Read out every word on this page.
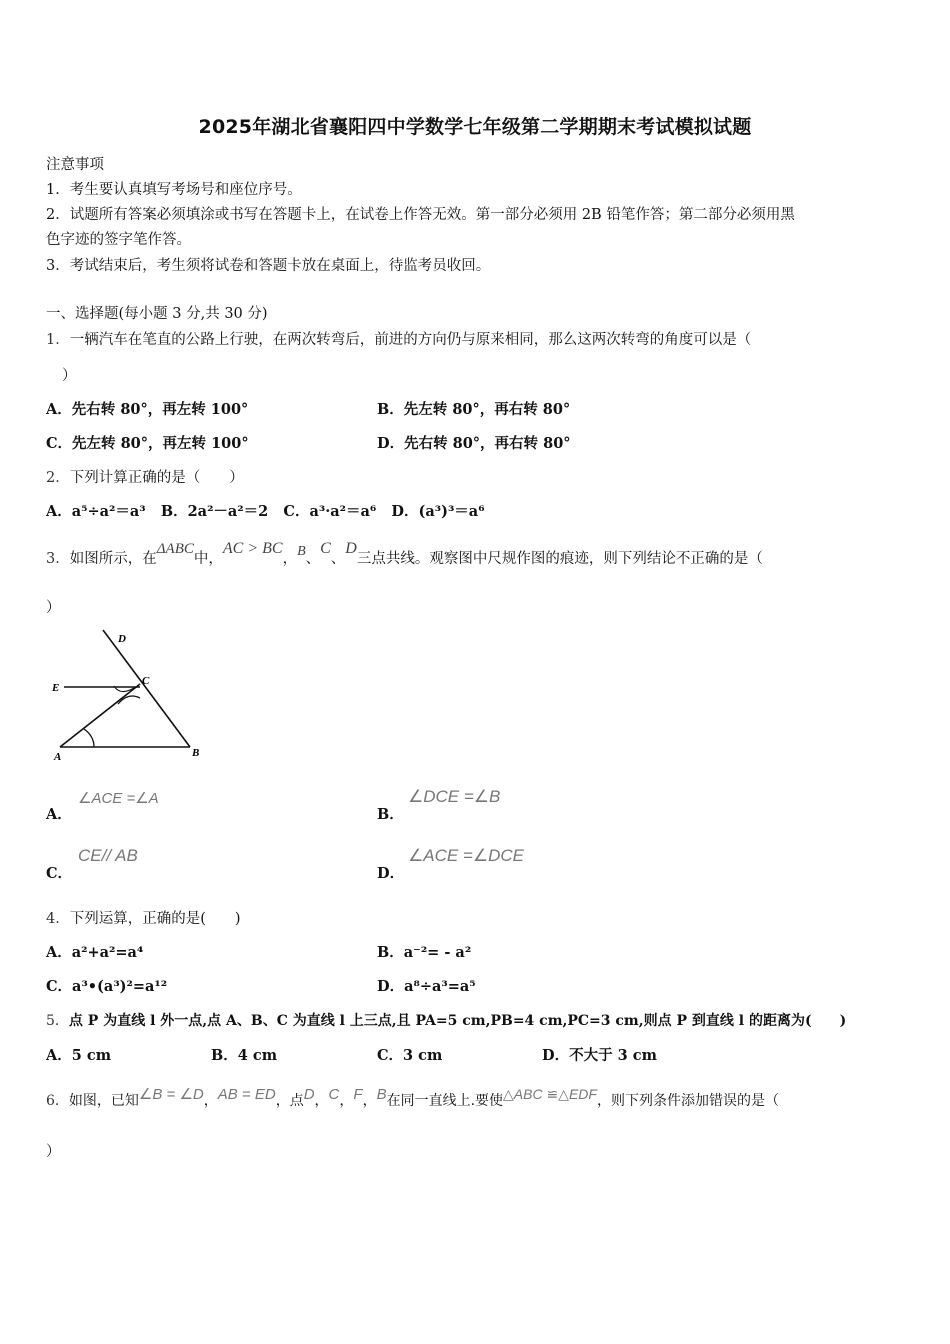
2025年湖北省襄阳四中学数学七年级第二学期期末考试模拟试题
注意事项
1．考生要认真填写考场号和座位序号。
2．试题所有答案必须填涂或书写在答题卡上，在试卷上作答无效。第一部分必须用 2B 铅笔作答；第二部分必须用黑
色字迹的签字笔作答。
3．考试结束后，考生须将试卷和答题卡放在桌面上，待监考员收回。
一、选择题(每小题 3 分,共 30 分)
1．一辆汽车在笔直的公路上行驶，在两次转弯后，前进的方向仍与原来相同，那么这两次转弯的角度可以是（
）
A．先右转 80°，再左转 100°	B．先左转 80°，再右转 80°
C．先左转 80°，再左转 100°	D．先右转 80°，再右转 80°
2．下列计算正确的是（　　）
A．a⁵÷a²＝a³ B．2a²－a²＝2 C．a³·a²＝a⁶ D．(a³)³＝a⁶
3．如图所示，在ΔABC中，AC > BC，B、C、D三点共线。观察图中尺规作图的痕迹，则下列结论不正确的是（
）
D
E
C
A	B
A．
∠ACE =∠A
B．
∠DCE =∠B
C．
CE// AB
D．
∠ACE =∠DCE
4．下列运算，正确的是(　　)
A．a²+a²=a⁴	B．a⁻²= - a²
C．a³•(a³)²=a¹²	D．a⁸÷a³=a⁵
5．点 P 为直线 l 外一点,点 A、B、C 为直线 l 上三点,且 PA=5 cm,PB=4 cm,PC=3 cm,则点 P 到直线 l 的距离为(　　)
A．5 cm	B．4 cm	C．3 cm	D．不大于 3 cm
6．如图，已知∠B = ∠D，AB = ED，点D，C，F，B在同一直线上.要使△ABC ≌△EDF，则下列条件添加错误的是（
）
